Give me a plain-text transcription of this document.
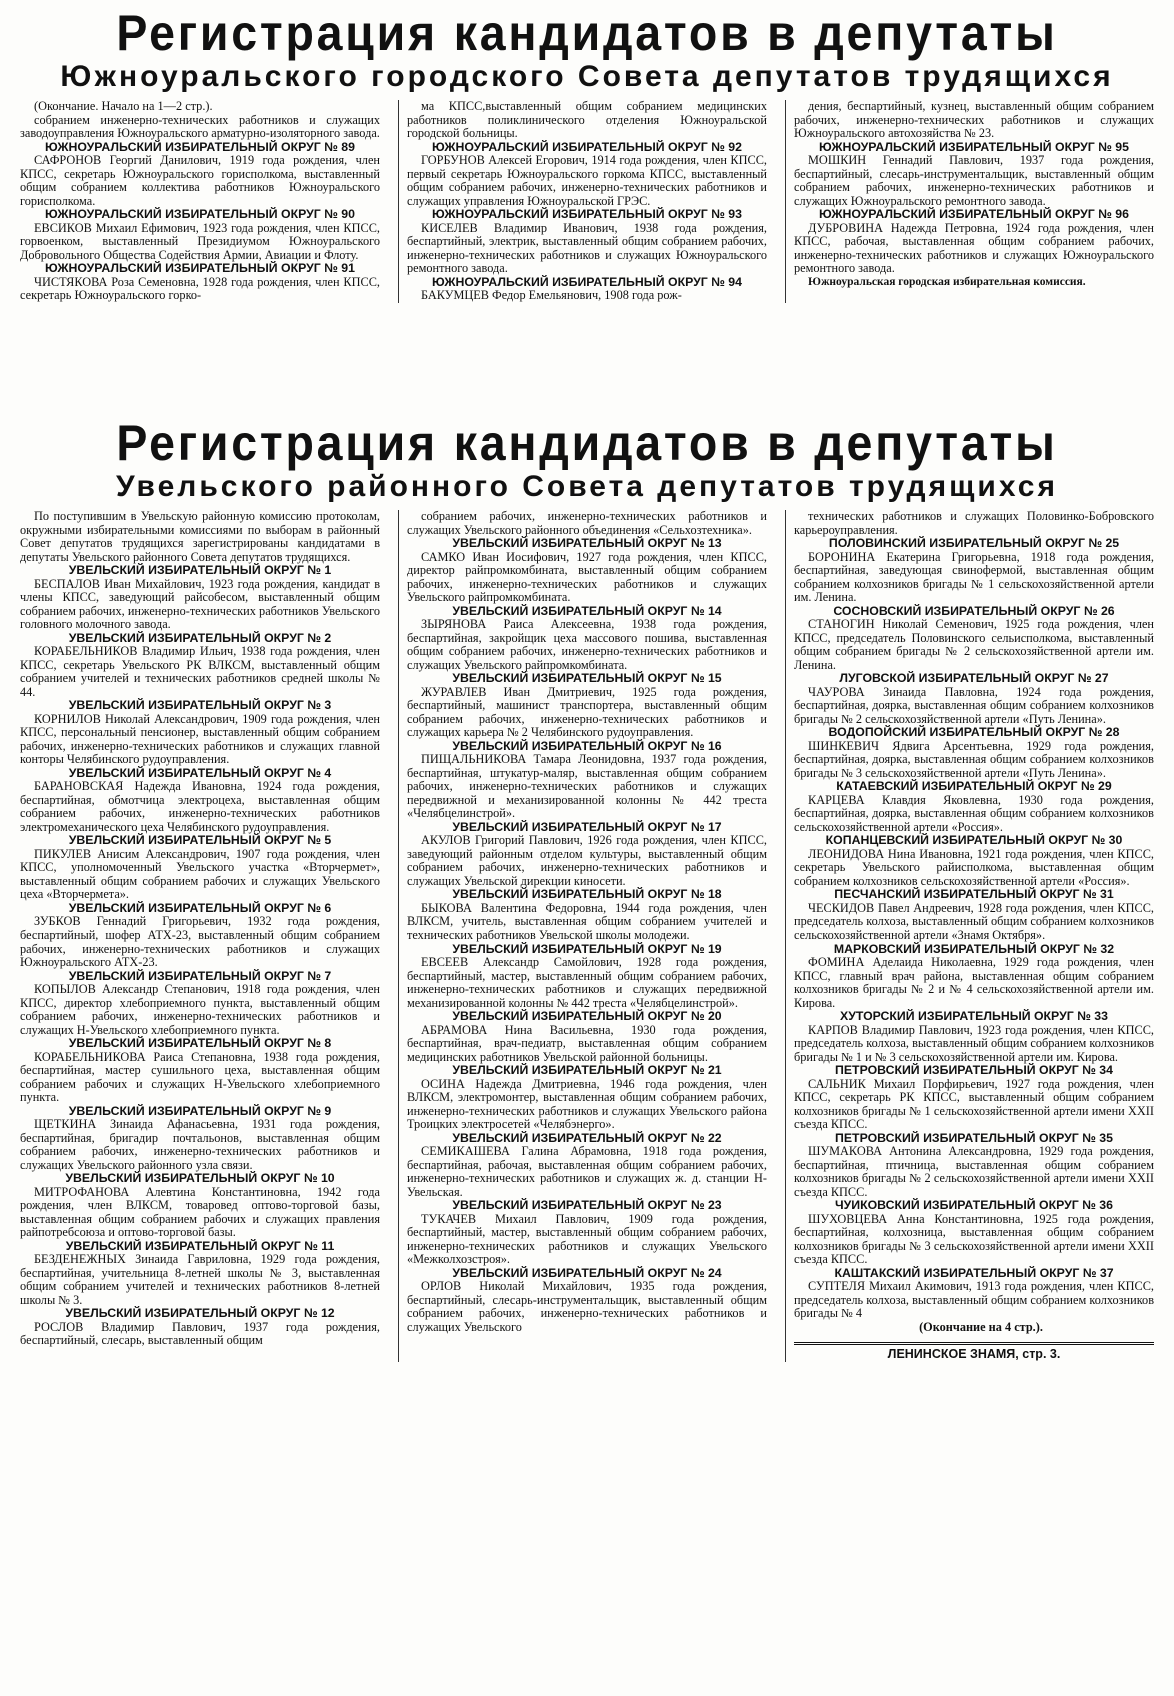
Регистрация кандидатов в депутаты
Южноуральского городского Совета депутатов трудящихся

(Окончание. Начало на 1—2 стр.).

собранием инженерно-технических работников и служащих заводоуправления Южноуральского арматурно-изоляторного завода.

ЮЖНОУРАЛЬСКИЙ ИЗБИРАТЕЛЬНЫЙ ОКРУГ № 89

САФРОНОВ Георгий Данилович, 1919 года рождения, член КПСС, секретарь Южноуральского горисполкома, выставленный общим собранием коллектива работников Южноуральского горисполкома.

ЮЖНОУРАЛЬСКИЙ ИЗБИРАТЕЛЬНЫЙ ОКРУГ № 90

ЕВСИКОВ Михаил Ефимович, 1923 года рождения, член КПСС, горвоенком, выставленный Президиумом Южноуральского Добровольного Общества Содействия Армии, Авиации и Флоту.

ЮЖНОУРАЛЬСКИЙ ИЗБИРАТЕЛЬНЫЙ ОКРУГ № 91

ЧИСТЯКОВА Роза Семеновна, 1928 года рождения, член КПСС, секретарь Южноуральского горко-

ма КПСС,выставленный общим собранием медицинских работников поликлинического отделения Южноуральской городской больницы.

ЮЖНОУРАЛЬСКИЙ ИЗБИРАТЕЛЬНЫЙ ОКРУГ № 92

ГОРБУНОВ Алексей Егорович, 1914 года рождения, член КПСС, первый секретарь Южноуральского горкома КПСС, выставленный общим собранием рабочих, инженерно-технических работников и служащих управления Южноуральской ГРЭС.

ЮЖНОУРАЛЬСКИЙ ИЗБИРАТЕЛЬНЫЙ ОКРУГ № 93

КИСЕЛЕВ Владимир Иванович, 1938 года рождения, беспартийный, электрик, выставленный общим собранием рабочих, инженерно-технических работников и служащих Южноуральского ремонтного завода.

ЮЖНОУРАЛЬСКИЙ ИЗБИРАТЕЛЬНЫЙ ОКРУГ № 94

БАКУМЦЕВ Федор Емельянович, 1908 года рож-

дения, беспартийный, кузнец, выставленный общим собранием рабочих, инженерно-технических работников и служащих Южноуральского автохозяйства № 23.

ЮЖНОУРАЛЬСКИЙ ИЗБИРАТЕЛЬНЫЙ ОКРУГ № 95

МОШКИН Геннадий Павлович, 1937 года рождения, беспартийный, слесарь-инструментальщик, выставленный общим собранием рабочих, инженерно-технических работников и служащих Южноуральского ремонтного завода.

ЮЖНОУРАЛЬСКИЙ ИЗБИРАТЕЛЬНЫЙ ОКРУГ № 96

ДУБРОВИНА Надежда Петровна, 1924 года рождения, член КПСС, рабочая, выставленная общим собранием рабочих, инженерно-технических работников и служащих Южноуральского ремонтного завода.

Южноуральская городская избирательная комиссия.

Регистрация кандидатов в депутаты
Увельского районного Совета депутатов трудящихся

По поступившим в Увельскую районную комиссию протоколам, окружными избирательными комиссиями по выборам в районный Совет депутатов трудящихся зарегистрированы кандидатами в депутаты Увельского районного Совета депутатов трудящихся.

УВЕЛЬСКИЙ ИЗБИРАТЕЛЬНЫЙ ОКРУГ № 1

БЕСПАЛОВ Иван Михайлович, 1923 года рождения, кандидат в члены КПСС, заведующий райсобесом, выставленный общим собранием рабочих, инженерно-технических работников Увельского головного молочного завода.

УВЕЛЬСКИЙ ИЗБИРАТЕЛЬНЫЙ ОКРУГ № 2

КОРАБЕЛЬНИКОВ Владимир Ильич, 1938 года рождения, член КПСС, секретарь Увельского РК ВЛКСМ, выставленный общим собранием учителей и технических работников средней школы № 44.

УВЕЛЬСКИЙ ИЗБИРАТЕЛЬНЫЙ ОКРУГ № 3

КОРНИЛОВ Николай Александрович, 1909 года рождения, член КПСС, персональный пенсионер, выставленный общим собранием рабочих, инженерно-технических работников и служащих главной конторы Челябинского рудоуправления.

УВЕЛЬСКИЙ ИЗБИРАТЕЛЬНЫЙ ОКРУГ № 4

БАРАНОВСКАЯ Надежда Ивановна, 1924 года рождения, беспартийная, обмотчица электроцеха, выставленная общим собранием рабочих, инженерно-технических работников электромеханического цеха Челябинского рудоуправления.

УВЕЛЬСКИЙ ИЗБИРАТЕЛЬНЫЙ ОКРУГ № 5

ПИКУЛЕВ Анисим Александрович, 1907 года рождения, член КПСС, уполномоченный Увельского участка «Вторчермет», выставленный общим собранием рабочих и служащих Увельского цеха «Вторчермета».

УВЕЛЬСКИЙ ИЗБИРАТЕЛЬНЫЙ ОКРУГ № 6

ЗУБКОВ Геннадий Григорьевич, 1932 года рождения, беспартийный, шофер АТХ-23, выставленный общим собранием рабочих, инженерно-технических работников и служащих Южноуральского АТХ-23.

УВЕЛЬСКИЙ ИЗБИРАТЕЛЬНЫЙ ОКРУГ № 7

КОПЫЛОВ Александр Степанович, 1918 года рождения, член КПСС, директор хлебоприемного пункта, выставленный общим собранием рабочих, инженерно-технических работников и служащих Н-Увельского хлебоприемного пункта.

УВЕЛЬСКИЙ ИЗБИРАТЕЛЬНЫЙ ОКРУГ № 8

КОРАБЕЛЬНИКОВА Раиса Степановна, 1938 года рождения, беспартийная, мастер сушильного цеха, выставленная общим собранием рабочих и служащих Н-Увельского хлебоприемного пункта.

УВЕЛЬСКИЙ ИЗБИРАТЕЛЬНЫЙ ОКРУГ № 9

ЩЕТКИНА Зинаида Афанасьевна, 1931 года рождения, беспартийная, бригадир почтальонов, выставленная общим собранием рабочих, инженерно-технических работников и служащих Увельского районного узла связи.

УВЕЛЬСКИЙ ИЗБИРАТЕЛЬНЫЙ ОКРУГ № 10

МИТРОФАНОВА Алевтина Константиновна, 1942 года рождения, член ВЛКСМ, товаровед оптово-торговой базы, выставленная общим собранием рабочих и служащих правления райпотребсоюза и оптово-торговой базы.

УВЕЛЬСКИЙ ИЗБИРАТЕЛЬНЫЙ ОКРУГ № 11

БЕЗДЕНЕЖНЫХ Зинаида Гавриловна, 1929 года рождения, беспартийная, учительница 8-летней школы № 3, выставленная общим собранием учителей и технических работников 8-летней школы № 3.

УВЕЛЬСКИЙ ИЗБИРАТЕЛЬНЫЙ ОКРУГ № 12

РОСЛОВ Владимир Павлович, 1937 года рождения, беспартийный, слесарь, выставленный общим

собранием рабочих, инженерно-технических работников и служащих Увельского районного объединения «Сельхозтехника».

УВЕЛЬСКИЙ ИЗБИРАТЕЛЬНЫЙ ОКРУГ № 13

САМКО Иван Иосифович, 1927 года рождения, член КПСС, директор райпромкомбината, выставленный общим собранием рабочих, инженерно-технических работников и служащих Увельского райпромкомбината.

УВЕЛЬСКИЙ ИЗБИРАТЕЛЬНЫЙ ОКРУГ № 14

ЗЫРЯНОВА Раиса Алексеевна, 1938 года рождения, беспартийная, закройщик цеха массового пошива, выставленная общим собранием рабочих, инженерно-технических работников и служащих Увельского райпромкомбината.

УВЕЛЬСКИЙ ИЗБИРАТЕЛЬНЫЙ ОКРУГ № 15

ЖУРАВЛЕВ Иван Дмитриевич, 1925 года рождения, беспартийный, машинист транспортера, выставленный общим собранием рабочих, инженерно-технических работников и служащих карьера № 2 Челябинского рудоуправления.

УВЕЛЬСКИЙ ИЗБИРАТЕЛЬНЫЙ ОКРУГ № 16

ПИЩАЛЬНИКОВА Тамара Леонидовна, 1937 года рождения, беспартийная, штукатур-маляр, выставленная общим собранием рабочих, инженерно-технических работников и служащих передвижной и механизированной колонны № 442 треста «Челябцелинстрой».

УВЕЛЬСКИЙ ИЗБИРАТЕЛЬНЫЙ ОКРУГ № 17

АКУЛОВ Григорий Павлович, 1926 года рождения, член КПСС, заведующий районным отделом культуры, выставленный общим собранием рабочих, инженерно-технических работников и служащих Увельской дирекции киносети.

УВЕЛЬСКИЙ ИЗБИРАТЕЛЬНЫЙ ОКРУГ № 18

БЫКОВА Валентина Федоровна, 1944 года рождения, член ВЛКСМ, учитель, выставленная общим собранием учителей и технических работников Увельской школы молодежи.

УВЕЛЬСКИЙ ИЗБИРАТЕЛЬНЫЙ ОКРУГ № 19

ЕВСЕЕВ Александр Самойлович, 1928 года рождения, беспартийный, мастер, выставленный общим собранием рабочих, инженерно-технических работников и служащих передвижной механизированной колонны № 442 треста «Челябцелинстрой».

УВЕЛЬСКИЙ ИЗБИРАТЕЛЬНЫЙ ОКРУГ № 20

АБРАМОВА Нина Васильевна, 1930 года рождения, беспартийная, врач-педиатр, выставленная общим собранием медицинских работников Увельской районной больницы.

УВЕЛЬСКИЙ ИЗБИРАТЕЛЬНЫЙ ОКРУГ № 21

ОСИНА Надежда Дмитриевна, 1946 года рождения, член ВЛКСМ, электромонтер, выставленная общим собранием рабочих, инженерно-технических работников и служащих Увельского района Троицких электросетей «Челябэнерго».

УВЕЛЬСКИЙ ИЗБИРАТЕЛЬНЫЙ ОКРУГ № 22

СЕМИКАШЕВА Галина Абрамовна, 1918 года рождения, беспартийная, рабочая, выставленная общим собранием рабочих, инженерно-технических работников и служащих ж. д. станции Н-Увельская.

УВЕЛЬСКИЙ ИЗБИРАТЕЛЬНЫЙ ОКРУГ № 23

ТУКАЧЕВ Михаил Павлович, 1909 года рождения, беспартийный, мастер, выставленный общим собранием рабочих, инженерно-технических работников и служащих Увельского «Межколхозстроя».

УВЕЛЬСКИЙ ИЗБИРАТЕЛЬНЫЙ ОКРУГ № 24

ОРЛОВ Николай Михайлович, 1935 года рождения, беспартийный, слесарь-инструментальщик, выставленный общим собранием рабочих, инженерно-технических работников и служащих Увельского

технических работников и служащих Половинко-Бобровского карьероуправления.

ПОЛОВИНСКИЙ ИЗБИРАТЕЛЬНЫЙ ОКРУГ № 25

БОРОНИНА Екатерина Григорьевна, 1918 года рождения, беспартийная, заведующая свинофермой, выставленная общим собранием колхозников бригады № 1 сельскохозяйственной артели им. Ленина.

СОСНОВСКИЙ ИЗБИРАТЕЛЬНЫЙ ОКРУГ № 26

СТАНОГИН Николай Семенович, 1925 года рождения, член КПСС, председатель Половинского сельисполкома, выставленный общим собранием бригады № 2 сельскохозяйственной артели им. Ленина.

ЛУГОВСКОЙ ИЗБИРАТЕЛЬНЫЙ ОКРУГ № 27

ЧАУРОВА Зинаида Павловна, 1924 года рождения, беспартийная, доярка, выставленная общим собранием колхозников бригады № 2 сельскохозяйственной артели «Путь Ленина».

ВОДОПОЙСКИЙ ИЗБИРАТЕЛЬНЫЙ ОКРУГ № 28

ШИНКЕВИЧ Ядвига Арсентьевна, 1929 года рождения, беспартийная, доярка, выставленная общим собранием колхозников бригады № 3 сельскохозяйственной артели «Путь Ленина».

КАТАЕВСКИЙ ИЗБИРАТЕЛЬНЫЙ ОКРУГ № 29

КАРЦЕВА Клавдия Яковлевна, 1930 года рождения, беспартийная, доярка, выставленная общим собранием колхозников сельскохозяйственной артели «Россия».

КОПАНЦЕВСКИЙ ИЗБИРАТЕЛЬНЫЙ ОКРУГ № 30

ЛЕОНИДОВА Нина Ивановна, 1921 года рождения, член КПСС, секретарь Увельского райисполкома, выставленная общим собранием колхозников сельскохозяйственной артели «Россия».

ПЕСЧАНСКИЙ ИЗБИРАТЕЛЬНЫЙ ОКРУГ № 31

ЧЕСКИДОВ Павел Андреевич, 1928 года рождения, член КПСС, председатель колхоза, выставленный общим собранием колхозников сельскохозяйственной артели «Знамя Октября».

МАРКОВСКИЙ ИЗБИРАТЕЛЬНЫЙ ОКРУГ № 32

ФОМИНА Аделаида Николаевна, 1929 года рождения, член КПСС, главный врач района, выставленная общим собранием колхозников бригады № 2 и № 4 сельскохозяйственной артели им. Кирова.

ХУТОРСКИЙ ИЗБИРАТЕЛЬНЫЙ ОКРУГ № 33

КАРПОВ Владимир Павлович, 1923 года рождения, член КПСС, председатель колхоза, выставленный общим собранием колхозников бригады № 1 и № 3 сельскохозяйственной артели им. Кирова.

ПЕТРОВСКИЙ ИЗБИРАТЕЛЬНЫЙ ОКРУГ № 34

САЛЬНИК Михаил Порфирьевич, 1927 года рождения, член КПСС, секретарь РК КПСС, выставленный общим собранием колхозников бригады № 1 сельскохозяйственной артели имени XXII съезда КПСС.

ПЕТРОВСКИЙ ИЗБИРАТЕЛЬНЫЙ ОКРУГ № 35

ШУМАКОВА Антонина Александровна, 1929 года рождения, беспартийная, птичница, выставленная общим собранием колхозников бригады № 2 сельскохозяйственной артели имени XXII съезда КПСС.

ЧУИКОВСКИЙ ИЗБИРАТЕЛЬНЫЙ ОКРУГ № 36

ШУХОВЦЕВА Анна Константиновна, 1925 года рождения, беспартийная, колхозница, выставленная общим собранием колхозников бригады № 3 сельскохозяйственной артели имени XXII съезда КПСС.

КАШТАКСКИЙ ИЗБИРАТЕЛЬНЫЙ ОКРУГ № 37

СУПТЕЛЯ Михаил Акимович, 1913 года рождения, член КПСС, председатель колхоза, выставленный общим собранием колхозников бригады № 4

(Окончание на 4 стр.).

ЛЕНИНСКОЕ ЗНАМЯ, стр. 3.
